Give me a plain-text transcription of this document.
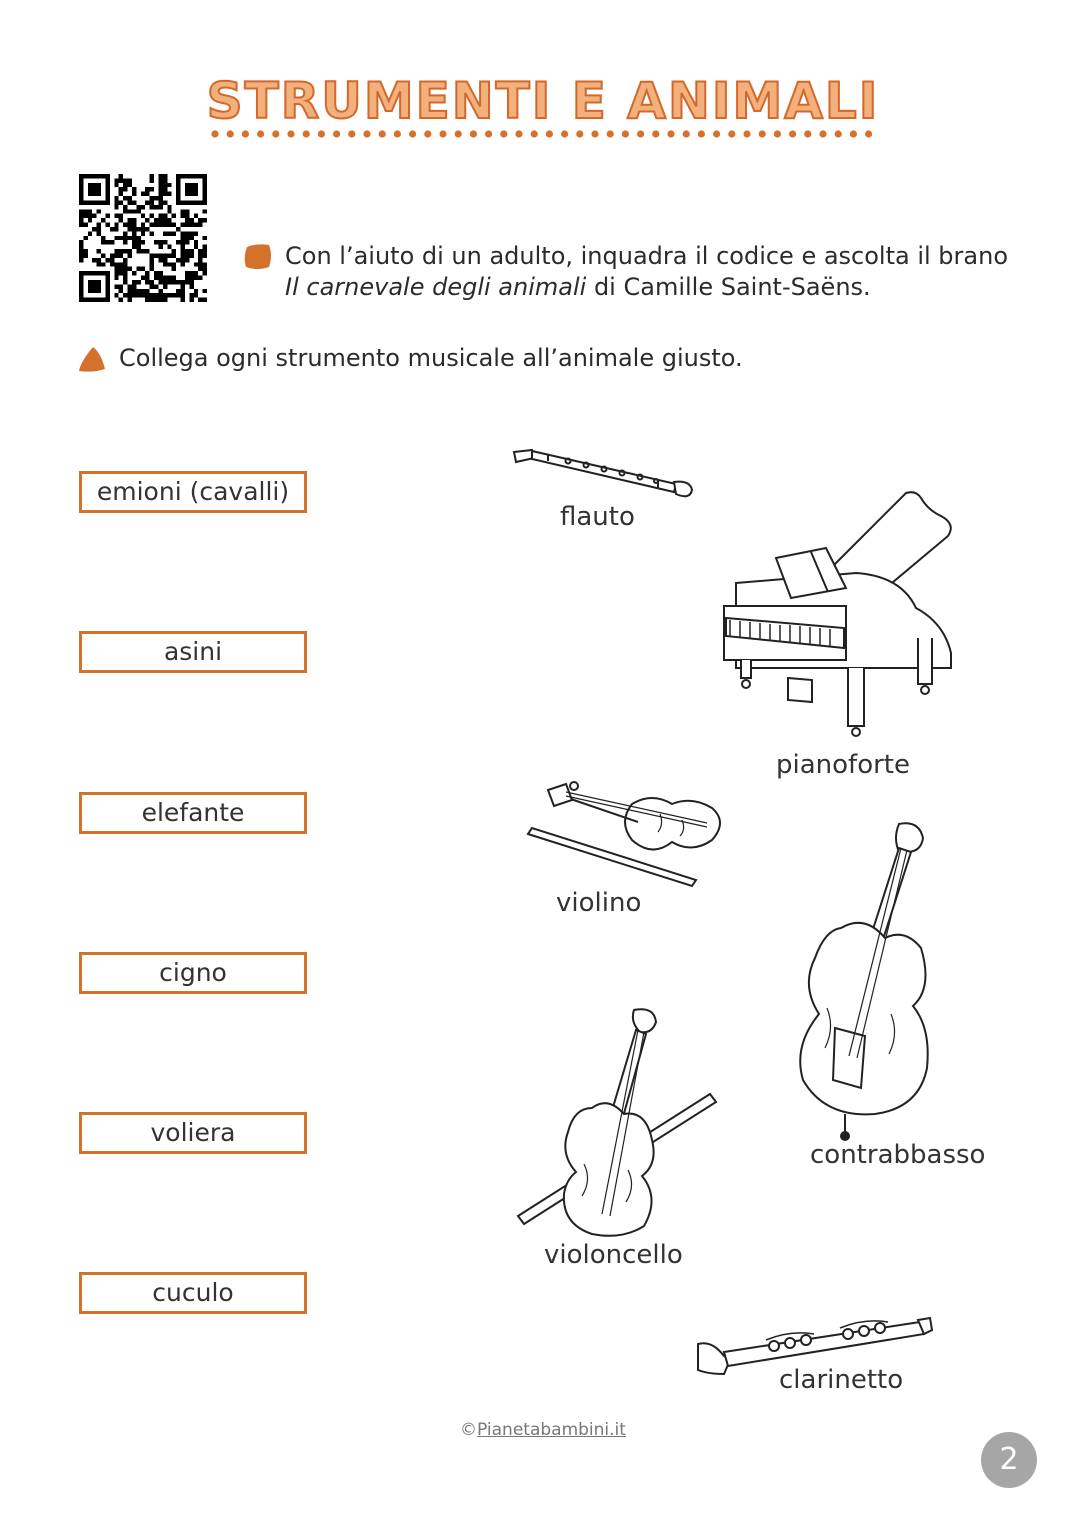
STRUMENTI E ANIMALI
Con l’aiuto di un adulto, inquadra il codice e ascolta il brano Il carnevale degli animali di Camille Saint-Saëns.
Collega ogni strumento musicale all’animale giusto.
emioni (cavalli)
asini
elefante
cigno
voliera
cuculo
flauto
pianoforte
violino
contrabbasso
violoncello
clarinetto
©Pianetabambini.it
2
